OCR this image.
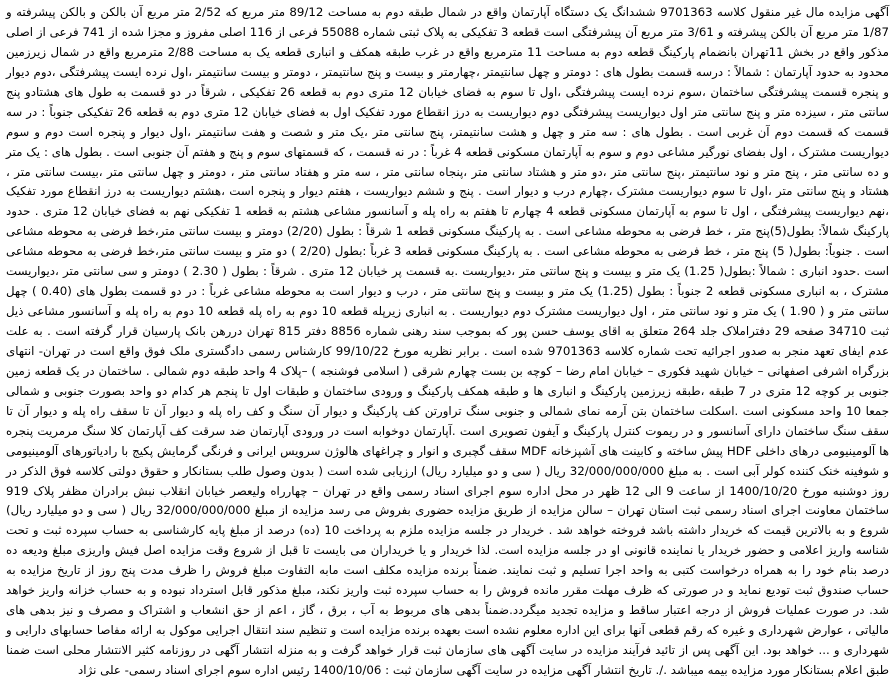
آگهی مزایده مال غیر منقول کلاسه 9701363 ششدانگ یک دستگاه آپارتمان واقع در شمال طبقه دوم به مساحت 89/12 متر مربع که 2/52 متر مربع آن بالکن و بالکن پیشرفته و 1/87 متر مربع آن بالکن پیشرفته و 3/61 متر مربع آن پیشرفتگی است قطعه 3 تفکیکی به پلاک ثبتی شماره 55088 فرعی از 116 اصلی مفروز و مجزا شده از 741 فرعی از اصلی مذکور واقع در بخش 11تهران بانضمام پارکینگ قطعه دوم به مساحت 11 مترمربع واقع در غرب طبقه همکف و انباری قطعه یک به مساحت 2/88 مترمربع واقع در شمال زیرزمین محدود به حدود آپارتمان : شمالاً : درسه قسمت بطول های : دومتر و چهل سانتیمتر ،چهارمتر و بیست و پنج سانتیمتر ، دومتر و بیست سانتیمتر ،اول نرده ایست پیشرفتگی ،دوم دیوار و پنجره قسمت پیشرفتگی ساختمان ،سوم نرده ایست پیشرفتگی ،اول تا سوم به فضای خیابان 12 متری دوم به قطعه 26 تفکیکی ، شرقاً در دو قسمت به طول های هشتادو پنج سانتی متر ، سیزده متر و پنج سانتی متر اول دیواریست پیشرفتگی دوم دیواریست به درز انقطاع مورد تفکیک اول به فضای خیابان 12 متری دوم به قطعه 26 تفکیکی جنوباً : در سه قسمت که قسمت دوم آن غربی است . بطول های : سه متر و چهل و هشت سانتیمتر، پنج سانتی متر ،یک متر و شصت و هفت سانتیمتر ،اول دیوار و پنجره است دوم و سوم دیواریست مشترک ، اول بفضای نورگیر مشاعی دوم و سوم به آپارتمان مسکونی قطعه 4 غرباً : در نه قسمت ، که قسمتهای سوم و پنج و هفتم آن جنوبی است . بطول های : یک متر و ده سانتی متر ، پنج متر و نود سانتیمتر ،پنج سانتی متر ،دو متر و هشتاد سانتی متر ،پنجاه سانتی متر ، سه متر و هفتاد سانتی متر ، دومتر و چهل سانتی متر ،بیست سانتی متر ، هشتاد و پنج سانتی متر ،اول تا سوم دیواریست مشترک ،چهارم درب و دیوار است . پنج و ششم دیواریست ، هفتم دیوار و پنجره است ،هشتم دیواریست به درز انقطاع مورد تفکیک ،نهم دیواریست پیشرفتگی ، اول تا سوم به آپارتمان مسکونی قطعه 4 چهارم تا هفتم به راه پله و آسانسور مشاعی هشتم به قطعه 1 تفکیکی نهم به فضای خیابان 12 متری . حدود پارکینگ شمالاً: بطول(5)پنج متر ، خط فرضی به محوطه مشاعی است . به پارکینگ مسکونی قطعه 1 شرقاً : بطول (2/20) دومتر و بیست سانتی متر،خط فرضی به محوطه مشاعی است . جنوباً: بطول( 5) پنج متر ، خط فرضی به محوطه مشاعی است . به پارکینگ مسکونی قطعه 3 غرباً :بطول (2/20 ) دو متر و بیست سانتی متر،خط فرضی به محوطه مشاعی است .حدود انباری : شمالاً :بطول( 1.25) یک متر و بیست و پنج سانتی متر ،دیواریست .به قسمت پر خیابان 12 متری . شرقاً : بطول ( 2.30 ) دومتر و سی سانتی متر ،دیواریست مشترک ، به انباری مسکونی قطعه 2 جنوباً : بطول (1.25) یک متر و بیست و پنج سانتی متر ، درب و دیوار است به محوطه مشاعی غرباً : در دو قسمت بطول های (0.40 ) چهل سانتی متر و ( 1.90 ) یک متر و نود سانتی متر ، اول دیواریست مشترک دوم دیواریست . به انباری زیرپله قطعه 10 دوم به راه پله قطعه 10 دوم به راه پله و آسانسور مشاعی ذیل ثبت 34710 صفحه 29 دفتراملاک جلد 264 متعلق به اقای یوسف حسن پور که بموجب سند رهنی شماره 8856 دفتر 815 تهران دررهن بانک پارسیان قرار گرفته است . به علت عدم ایفای تعهد منجر به صدور اجرائیه تحت شماره کلاسه 9701363 شده است . برابر نظریه مورخ 99/10/22 کارشناس رسمی دادگستری ملک فوق واقع است در تهران- انتهای بزرگراه اشرفی اصفهانی – خیابان شهید فکوری – خیابان امام رضا – کوچه بن بست چهارم شرقی ( اسلامی فوشنجه ) –پلاک 4 واحد طبقه دوم شمالی . ساختمان در یک قطعه زمین جنوبی بر کوچه 12 متری در 7 طبقه ،طبقه زیرزمین پارکینگ و انباری ها و طبقه همکف پارکینگ و ورودی ساختمان و طبقات اول تا پنجم هر کدام دو واحد بصورت جنوبی و شمالی جمعا 10 واحد مسکونی است .اسکلت ساختمان بتن آرمه نمای شمالی و جنوبی سنگ تراورتن کف پارکینگ و دیوار آن سنگ و کف راه پله و دیوار آن تا سقف راه پله و دیوار آن تا سقف سنگ ساختمان دارای آسانسور و در ریموت کنترل پارکینگ و آیفون تصویری است .آپارتمان دوخوابه است در ورودی آپارتمان ضد سرقت کف آپارتمان کلا سنگ مرمریت پنجره ها آلومینیومی درهای داخلی HDF پیش ساخته و کابینت های آشپزخانه MDF سقف گچبری و انوار و چراغهای هالوژن سرویس ایرانی و فرنگی گرمایش پکیج با رادیاتورهای آلومینیومی و شوفینه خنک کننده کولر آبی است . به مبلغ 32/000/000/000 ریال ( سی و دو میلیارد ریال) ارزیابی شده است ( بدون وصول طلب بستانکار و حقوق دولتی کلاسه فوق الذکر در روز دوشنبه مورخ 1400/10/20 از ساعت 9 الی 12 ظهر در محل اداره سوم اجرای اسناد رسمی واقع در تهران – چهارراه ولیعصر خیابان انقلاب نبش برادران مظفر پلاک 919 ساختمان معاونت اجرای اسناد رسمی ثبت استان تهران – سالن مزایده از طریق مزایده حضوری بفروش می رسد مزایده از مبلغ 32/000/000/000 ریال ( سی و دو میلیارد ریال) شروع و به بالاترین قیمت که خریدار داشته باشد فروخته خواهد شد . خریدار در جلسه مزایده ملزم به پرداخت 10 (ده) درصد از مبلغ پایه کارشناسی به حساب سپرده ثبت و تحت شناسه واریز اعلامی و حضور خریدار یا نماینده قانونی او در جلسه مزایده است. لذا خریدار و یا خریداران می بایست تا قبل از شروع وقت مزایده اصل فیش واریزی مبلغ ودیعه ده درصد بنام خود را به همراه درخواست کتبی به واحد اجرا تسلیم و ثبت نمایند. ضمناً برنده مزایده مکلف است مابه التفاوت مبلغ فروش را ظرف مدت پنج روز از تاریخ مزایده به حساب صندوق ثبت تودیع نماید و در صورتی که ظرف مهلت مقرر مانده فروش را به حساب سپرده ثبت واریز نکند، مبلغ مذکور قابل استرداد نبوده و به حساب خزانه واریز خواهد شد. در صورت عملیات فروش از درجه اعتبار ساقط و مزایده تجدید میگردد.ضمناً بدهی های مربوط به آب ، برق ، گاز ، اعم از حق انشعاب و اشتراک و مصرف و نیز بدهی های مالیاتی ، عوارض شهرداری و غیره که رقم قطعی آنها برای این اداره معلوم نشده است بعهده برنده مزایده است و تنظیم سند انتقال اجرایی موکول به ارائه مفاصا حسابهای دارایی و شهرداری و ... خواهد بود. این آگهی پس از تائید فرآیند مزایده در سایت آگهی های سازمان ثبت قرار خواهد گرفت و به منزله انتشار آگهی در روزنامه کثیر الانتشار محلی است ضمنا طبق اعلام بستانکار مورد مزایده بیمه میباشد ./. تاریخ انتشار آگهی مزایده در سایت آگهی سازمان ثبت : 1400/10/06 رئیس اداره سوم اجرای اسناد رسمی- علی نژاد
